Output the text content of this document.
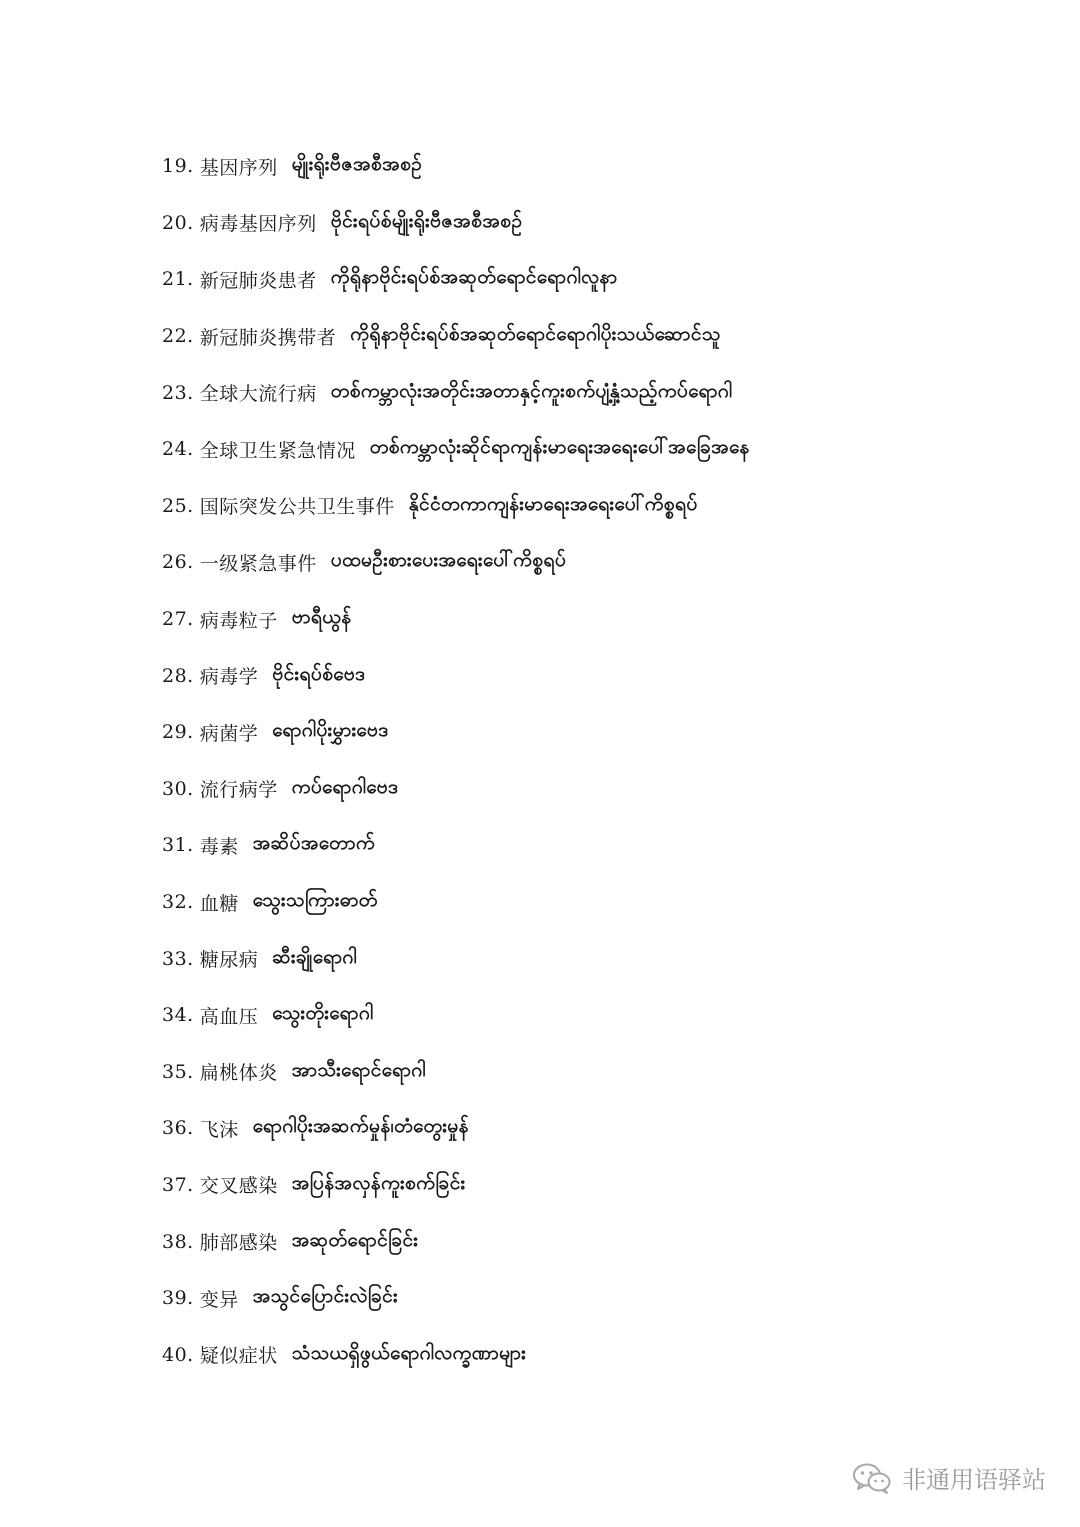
19. 基因序列 မျိုးရိုးဗီဇအစီအစဉ်
20. 病毒基因序列 ဗိုင်းရပ်စ်မျိုးရိုးဗီဇအစီအစဉ်
21. 新冠肺炎患者 ကိုရိုနာဗိုင်းရပ်စ်အဆုတ်ရောင်ရောဂါလူနာ
22. 新冠肺炎携带者 ကိုရိုနာဗိုင်းရပ်စ်အဆုတ်ရောင်ရောဂါပိုးသယ်ဆောင်သူ
23. 全球大流行病 တစ်ကမ္ဘာလုံးအတိုင်းအတာနှင့်ကူးစက်ပျံ့နှံ့သည့်ကပ်ရောဂါ
24. 全球卫生紧急情况 တစ်ကမ္ဘာလုံးဆိုင်ရာကျန်းမာရေးအရေးပေါ်အခြေအနေ
25. 国际突发公共卫生事件 နိုင်ငံတကာကျန်းမာရေးအရေးပေါ်ကိစ္စရပ်
26. 一级紧急事件 ပထမဦးစားပေးအရေးပေါ်ကိစ္စရပ်
27. 病毒粒子 ဗာရီယွန်
28. 病毒学 ဗိုင်းရပ်စ်ဗေဒ
29. 病菌学 ရောဂါပိုးမွှားဗေဒ
30. 流行病学 ကပ်ရောဂါဗေဒ
31. 毒素 အဆိပ်အတောက်
32. 血糖 သွေးသကြားဓာတ်
33. 糖尿病 ဆီးချိုရောဂါ
34. 高血压 သွေးတိုးရောဂါ
35. 扁桃体炎 အာသီးရောင်ရောဂါ
36. 飞沫 ရောဂါပိုးအဆက်မှုန်၊တံတွေးမှုန်
37. 交叉感染 အပြန်အလှန်ကူးစက်ခြင်း
38. 肺部感染 အဆုတ်ရောင်ခြင်း
39. 变异 အသွင်ပြောင်းလဲခြင်း
40. 疑似症状 သံသယရှိဖွယ်ရောဂါလက္ခဏာများ
非通用语驿站
